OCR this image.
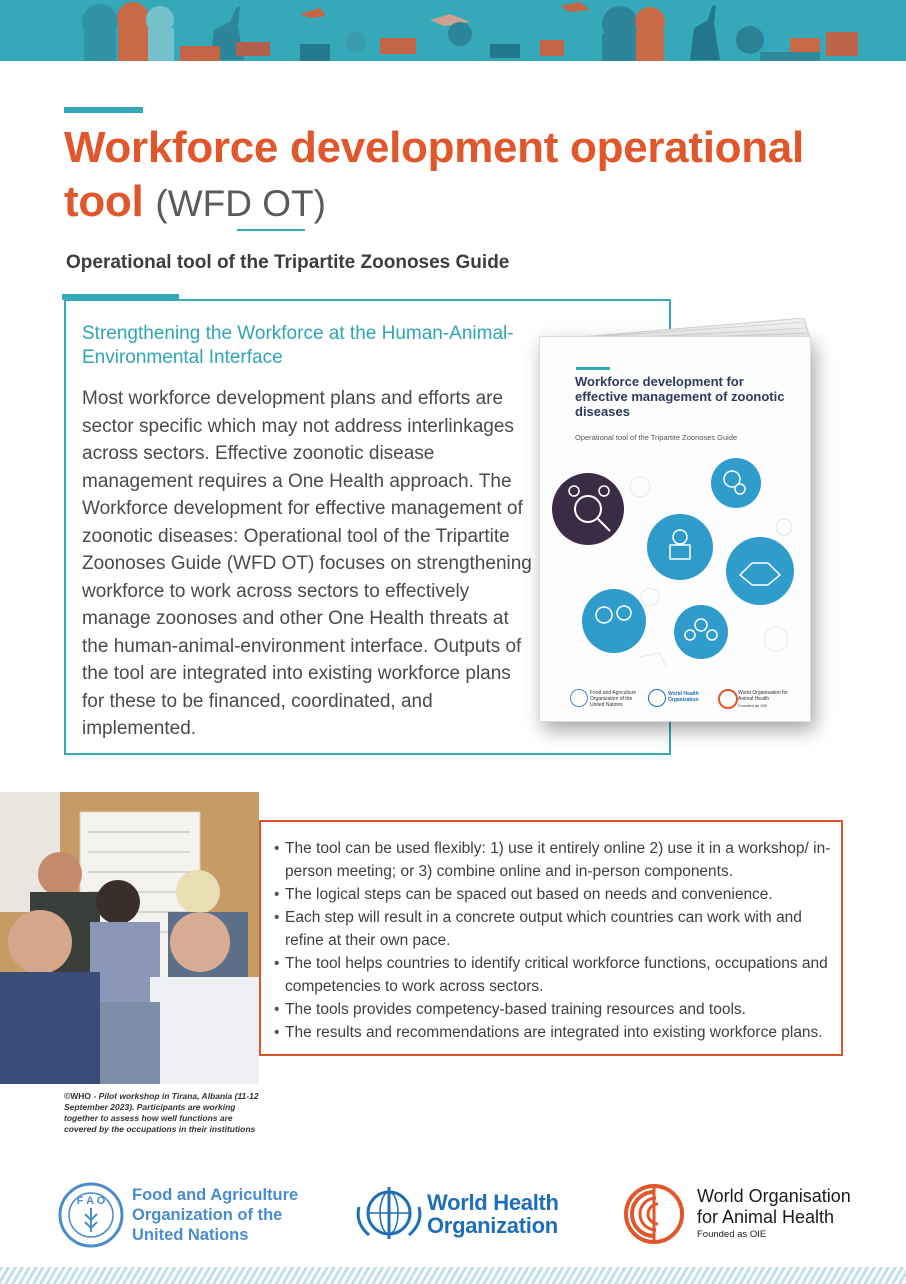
Workforce development operational tool (WFD OT)
Operational tool of the Tripartite Zoonoses Guide
Strengthening the Workforce at the Human-Animal-Environmental Interface

Most workforce development plans and efforts are sector specific which may not address interlinkages across sectors. Effective zoonotic disease management requires a One Health approach. The Workforce development for effective management of zoonotic diseases: Operational tool of the Tripartite Zoonoses Guide (WFD OT) focuses on strengthening workforce to work across sectors to effectively manage zoonoses and other One Health threats at the human-animal-environment interface. Outputs of the tool are integrated into existing workforce plans for these to be financed, coordinated, and implemented.

Workforce development for effective management of zoonotic diseases

Operational tool of the Tripartite Zoonoses Guide
Food and Agriculture Organization of the United Nations
World Health Organization
World Organisation for Animal Health
Founded as OIE
©WHO - Pilot workshop in Tirana, Albania (11-12 September 2023). Participants are working together to assess how well functions are covered by the occupations in their institutions
• The tool can be used flexibly: 1) use it entirely online 2) use it in a workshop/ in-person meeting; or 3) combine online and in-person components.
• The logical steps can be spaced out based on needs and convenience.
• Each step will result in a concrete output which countries can work with and refine at their own pace.
• The tool helps countries to identify critical workforce functions, occupations and competencies to work across sectors.
• The tools provides competency-based training resources and tools.
• The results and recommendations are integrated into existing workforce plans.
F A O Food and Agriculture
Organization of the
United Nations
World Health
Organization
World Organisation
for Animal Health
Founded as OIE
